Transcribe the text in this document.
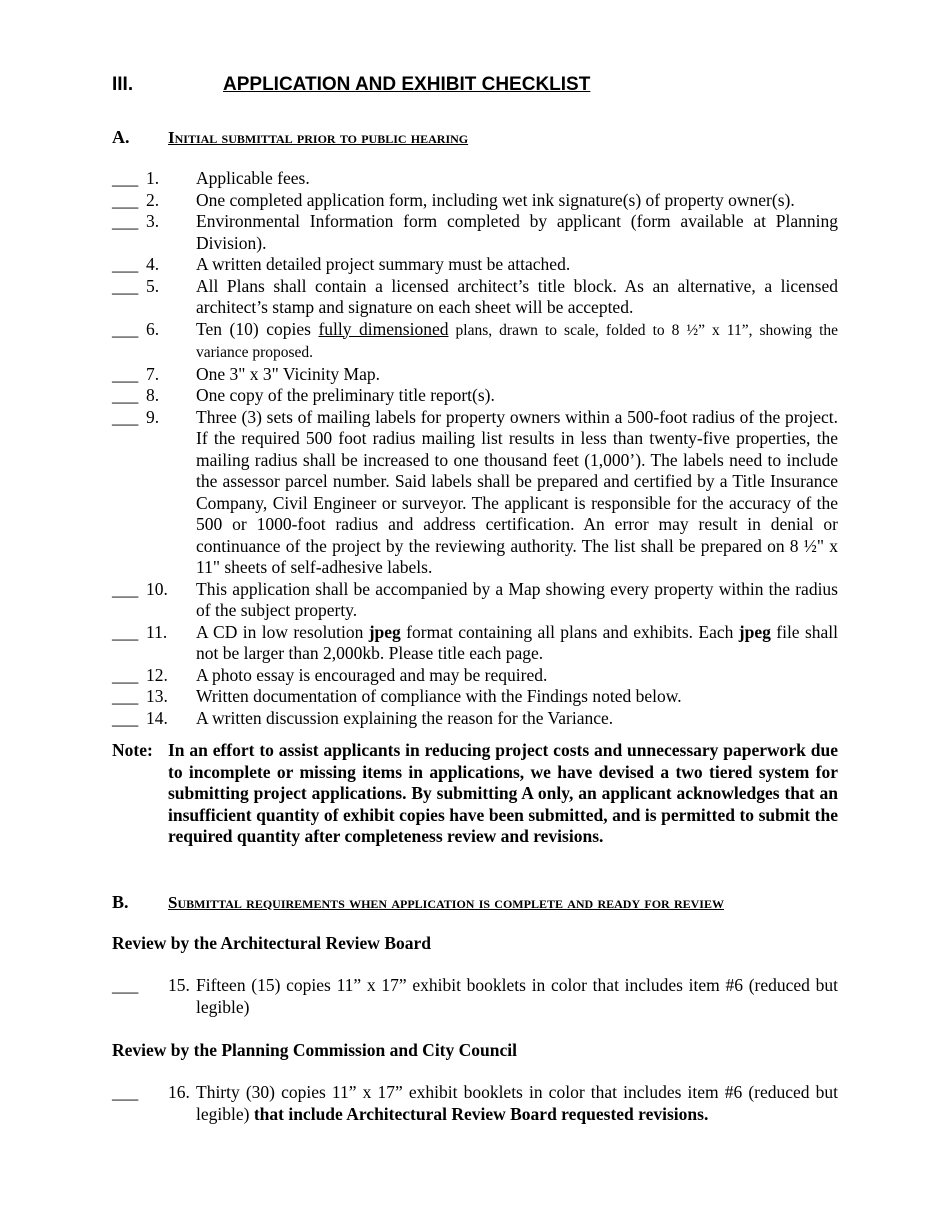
III.	APPLICATION AND EXHIBIT CHECKLIST
A. Initial submittal prior to public hearing
___ 1. Applicable fees.
___ 2. One completed application form, including wet ink signature(s) of property owner(s).
___ 3. Environmental Information form completed by applicant (form available at Planning Division).
___ 4. A written detailed project summary must be attached.
___ 5. All Plans shall contain a licensed architect’s title block. As an alternative, a licensed architect’s stamp and signature on each sheet will be accepted.
___ 6. Ten (10) copies fully dimensioned plans, drawn to scale, folded to 8 ½” x 11”, showing the variance proposed.
___ 7. One 3" x 3" Vicinity Map.
___ 8. One copy of the preliminary title report(s).
___ 9. Three (3) sets of mailing labels for property owners within a 500-foot radius of the project. If the required 500 foot radius mailing list results in less than twenty-five properties, the mailing radius shall be increased to one thousand feet (1,000’). The labels need to include the assessor parcel number. Said labels shall be prepared and certified by a Title Insurance Company, Civil Engineer or surveyor. The applicant is responsible for the accuracy of the 500 or 1000-foot radius and address certification. An error may result in denial or continuance of the project by the reviewing authority. The list shall be prepared on 8 ½" x 11" sheets of self-adhesive labels.
___ 10. This application shall be accompanied by a Map showing every property within the radius of the subject property.
___ 11. A CD in low resolution jpeg format containing all plans and exhibits. Each jpeg file shall not be larger than 2,000kb. Please title each page.
___ 12. A photo essay is encouraged and may be required.
___ 13. Written documentation of compliance with the Findings noted below.
___ 14. A written discussion explaining the reason for the Variance.
Note: In an effort to assist applicants in reducing project costs and unnecessary paperwork due to incomplete or missing items in applications, we have devised a two tiered system for submitting project applications. By submitting A only, an applicant acknowledges that an insufficient quantity of exhibit copies have been submitted, and is permitted to submit the required quantity after completeness review and revisions.
B. Submittal requirements when application is complete and ready for review
Review by the Architectural Review Board
___ 15. Fifteen (15) copies 11” x 17” exhibit booklets in color that includes item #6 (reduced but legible)
Review by the Planning Commission and City Council
___ 16. Thirty (30) copies 11” x 17” exhibit booklets in color that includes item #6 (reduced but legible) that include Architectural Review Board requested revisions.
